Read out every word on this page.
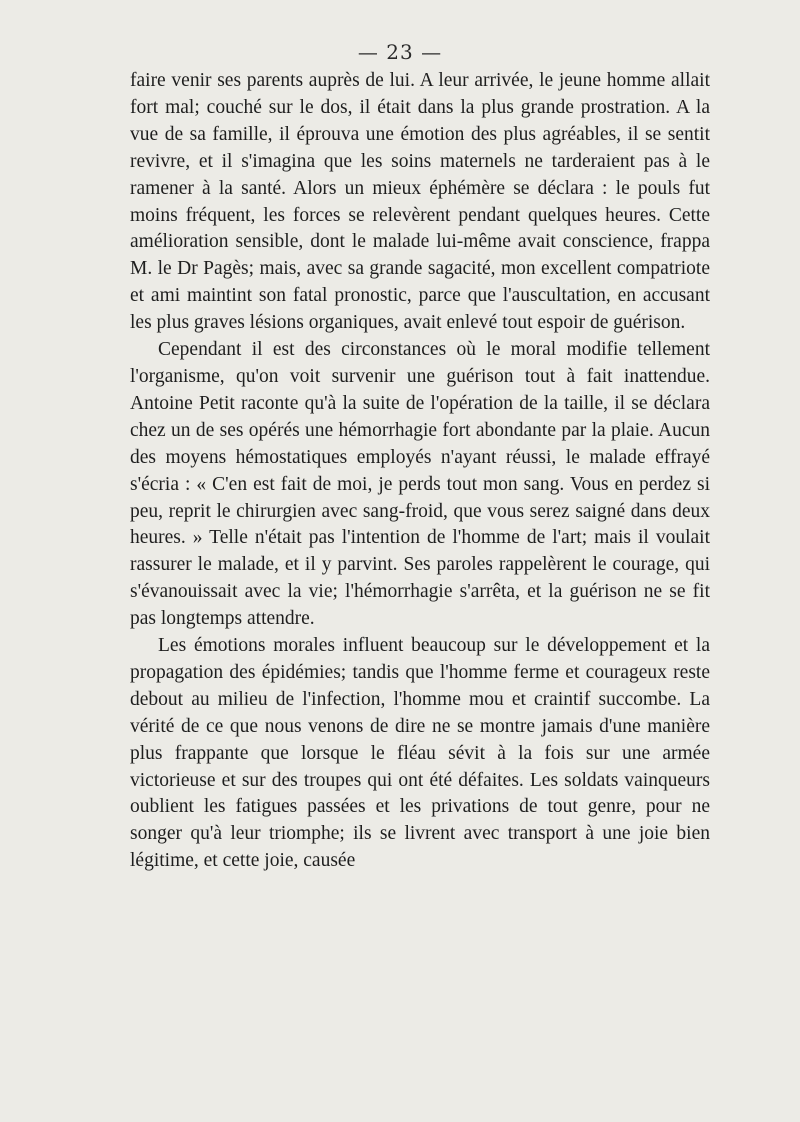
— 23 —

faire venir ses parents auprès de lui. A leur arrivée, le jeune homme allait fort mal; couché sur le dos, il était dans la plus grande prostration. A la vue de sa famille, il éprouva une émotion des plus agréables, il se sentit revivre, et il s'imagina que les soins maternels ne tarderaient pas à le ramener à la santé. Alors un mieux éphémère se déclara : le pouls fut moins fréquent, les forces se relevèrent pendant quelques heures. Cette amélioration sensible, dont le malade lui-même avait conscience, frappa M. le Dr Pagès; mais, avec sa grande sagacité, mon excellent compatriote et ami maintint son fatal pronostic, parce que l'auscultation, en accusant les plus graves lésions organiques, avait enlevé tout espoir de guérison.

Cependant il est des circonstances où le moral modifie tellement l'organisme, qu'on voit survenir une guérison tout à fait inattendue. Antoine Petit raconte qu'à la suite de l'opération de la taille, il se déclara chez un de ses opérés une hémorrhagie fort abondante par la plaie. Aucun des moyens hémostatiques employés n'ayant réussi, le malade effrayé s'écria : « C'en est fait de moi, je perds tout mon sang. Vous en perdez si peu, reprit le chirurgien avec sang-froid, que vous serez saigné dans deux heures. » Telle n'était pas l'intention de l'homme de l'art; mais il voulait rassurer le malade, et il y parvint. Ses paroles rappelèrent le courage, qui s'évanouissait avec la vie; l'hémorrhagie s'arrêta, et la guérison ne se fit pas longtemps attendre.

Les émotions morales influent beaucoup sur le développement et la propagation des épidémies; tandis que l'homme ferme et courageux reste debout au milieu de l'infection, l'homme mou et craintif succombe. La vérité de ce que nous venons de dire ne se montre jamais d'une manière plus frappante que lorsque le fléau sévit à la fois sur une armée victorieuse et sur des troupes qui ont été défaites. Les soldats vainqueurs oublient les fatigues passées et les privations de tout genre, pour ne songer qu'à leur triomphe; ils se livrent avec transport à une joie bien légitime, et cette joie, causée
